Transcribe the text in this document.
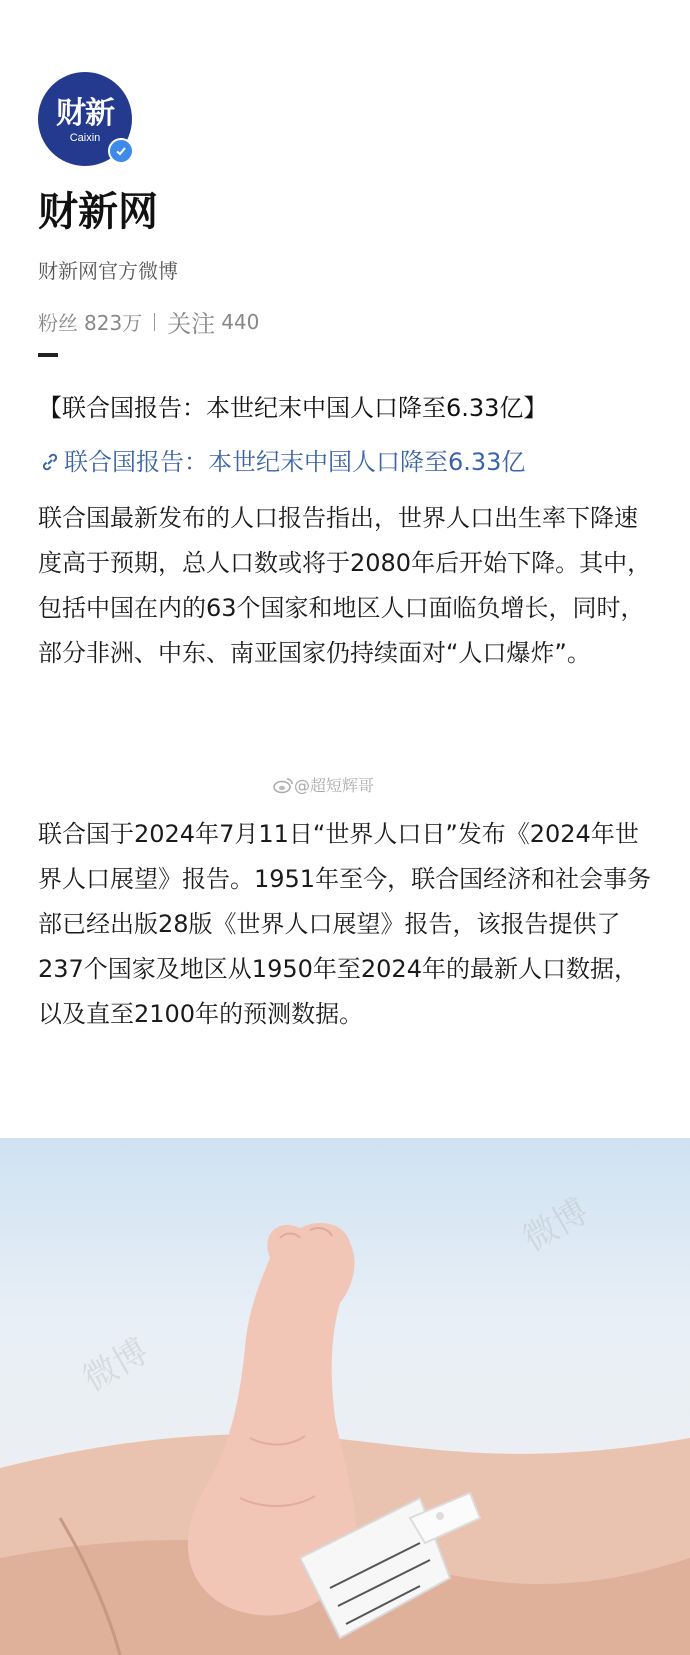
财新
Caixin
财新网
财新网官方微博
粉丝 823万 关注 440
【联合国报告：本世纪末中国人口降至6.33亿】
联合国报告：本世纪末中国人口降至6.33亿
联合国最新发布的人口报告指出，世界人口出生率下降速度高于预期，总人口数或将于2080年后开始下降。其中，包括中国在内的63个国家和地区人口面临负增长，同时，部分非洲、中东、南亚国家仍持续面对“人口爆炸”。
@超短辉哥
联合国于2024年7月11日“世界人口日”发布《2024年世界人口展望》报告。1951年至今，联合国经济和社会事务部已经出版28版《世界人口展望》报告，该报告提供了237个国家及地区从1950年至2024年的最新人口数据，以及直至2100年的预测数据。
微博
微博
